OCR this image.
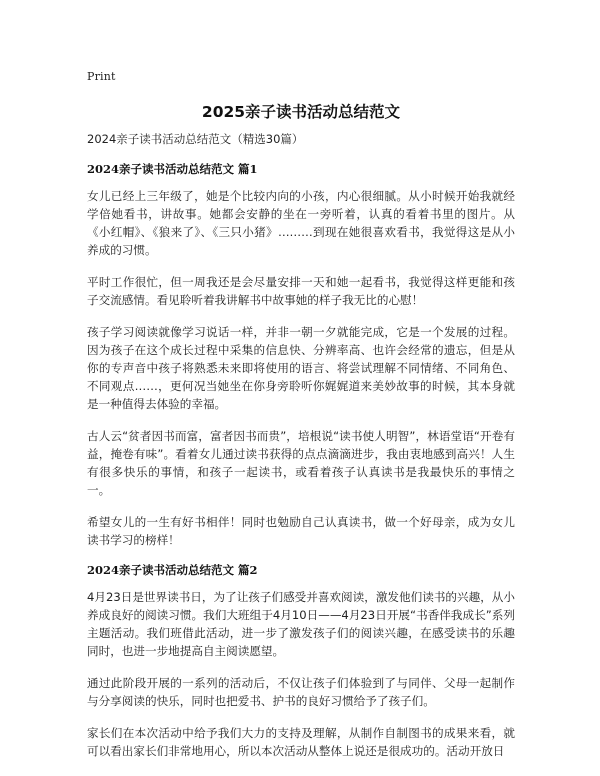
Print
2025亲子读书活动总结范文

2024亲子读书活动总结范文（精选30篇）

2024亲子读书活动总结范文 篇1

女儿已经上三年级了，她是个比较内向的小孩，内心很细腻。从小时候开始我就经学倍她看书，讲故事。她都会安静的坐在一旁听着，认真的看着书里的图片。从《小红帽》、《狼来了》、《三只小猪》………到现在她很喜欢看书，我觉得这是从小养成的习惯。

平时工作很忙，但一周我还是会尽量安排一天和她一起看书，我觉得这样更能和孩子交流感情。看见聆听着我讲解书中故事她的样子我无比的心慰！

孩子学习阅读就像学习说话一样，并非一朝一夕就能完成，它是一个发展的过程。因为孩子在这个成长过程中采集的信息快、分辨率高、也许会经常的遗忘，但是从你的专声音中孩子将熟悉未来即将使用的语言、将尝试理解不同情绪、不同角色、不同观点……，更何况当她坐在你身旁聆听你娓娓道来美妙故事的时候，其本身就是一种值得去体验的幸福。

古人云“贫者因书而富，富者因书而贵”，培根说“读书使人明智”，林语堂语“开卷有益，掩卷有味”。看着女儿通过读书获得的点点滴滴进步，我由衷地感到高兴！人生有很多快乐的事情，和孩子一起读书，或看着孩子认真读书是我最快乐的事情之一。

希望女儿的一生有好书相伴！同时也勉励自己认真读书，做一个好母亲，成为女儿读书学习的榜样！

2024亲子读书活动总结范文 篇2

4月23日是世界读书日，为了让孩子们感受并喜欢阅读，激发他们读书的兴趣，从小养成良好的阅读习惯。我们大班组于4月10日——4月23日开展“书香伴我成长”系列主题活动。我们班借此活动，进一步了激发孩子们的阅读兴趣，在感受读书的乐趣同时，也进一步地提高自主阅读愿望。

通过此阶段开展的一系列的活动后，不仅让孩子们体验到了与同伴、父母一起制作与分享阅读的快乐，同时也把爱书、护书的良好习惯给予了孩子们。

家长们在本次活动中给予我们大力的支持及理解，从制作自制图书的成果来看，就可以看出家长们非常地用心，所以本次活动从整体上说还是很成功的。活动开放日
